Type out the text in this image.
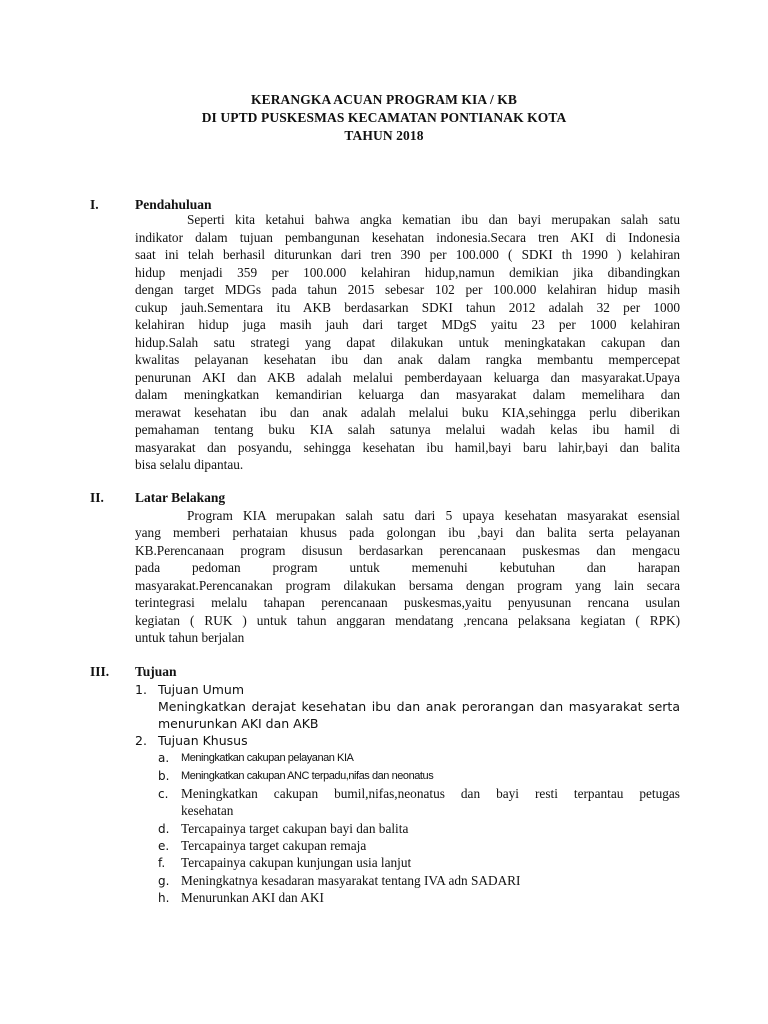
KERANGKA ACUAN PROGRAM KIA / KB
DI UPTD PUSKESMAS KECAMATAN PONTIANAK KOTA
TAHUN 2018
I.	Pendahuluan
Seperti kita ketahui bahwa angka kematian ibu dan bayi merupakan salah satu
indikator dalam tujuan pembangunan kesehatan indonesia.Secara tren AKI di Indonesia
saat ini telah berhasil diturunkan dari tren 390 per 100.000 ( SDKI th 1990 ) kelahiran
hidup menjadi 359 per 100.000 kelahiran hidup,namun demikian jika dibandingkan
dengan target MDGs pada tahun 2015 sebesar 102 per 100.000 kelahiran hidup masih
cukup jauh.Sementara itu AKB berdasarkan SDKI tahun 2012 adalah 32 per 1000
kelahiran hidup juga masih jauh dari target MDgS yaitu 23 per 1000 kelahiran
hidup.Salah satu strategi yang dapat dilakukan untuk meningkatakan cakupan dan
kwalitas pelayanan kesehatan ibu dan anak dalam rangka membantu mempercepat
penurunan AKI dan AKB adalah melalui pemberdayaan keluarga dan masyarakat.Upaya
dalam meningkatkan kemandirian keluarga dan masyarakat dalam memelihara dan
merawat kesehatan ibu dan anak adalah melalui buku KIA,sehingga perlu diberikan
pemahaman tentang buku KIA salah satunya melalui wadah kelas ibu hamil di
masyarakat dan posyandu, sehingga kesehatan ibu hamil,bayi baru lahir,bayi dan balita
bisa selalu dipantau.
II. Latar Belakang
Program KIA merupakan salah satu dari 5 upaya kesehatan masyarakat esensial
yang memberi perhataian khusus pada golongan ibu ,bayi dan balita serta pelayanan
KB.Perencanaan program disusun berdasarkan perencanaan puskesmas dan mengacu
pada pedoman program untuk memenuhi kebutuhan dan harapan
masyarakat.Perencanakan program dilakukan bersama dengan program yang lain secara
terintegrasi melalu tahapan perencanaan puskesmas,yaitu penyusunan rencana usulan
kegiatan ( RUK ) untuk tahun anggaran mendatang ,rencana pelaksana kegiatan ( RPK)
untuk tahun berjalan
III. Tujuan
1. Tujuan Umum
Meningkatkan derajat kesehatan ibu dan anak perorangan dan masyarakat serta
menurunkan AKI dan AKB
2. Tujuan Khusus
a. Meningkatkan cakupan pelayanan KIA
b. Meningkatkan cakupan ANC terpadu,nifas dan neonatus
c. Meningkatkan cakupan bumil,nifas,neonatus dan bayi resti terpantau petugas
kesehatan
d. Tercapainya target cakupan bayi dan balita
e. Tercapainya target cakupan remaja
f. Tercapainya cakupan kunjungan usia lanjut
g. Meningkatnya kesadaran masyarakat tentang IVA adn SADARI
h. Menurunkan AKI dan AKI
